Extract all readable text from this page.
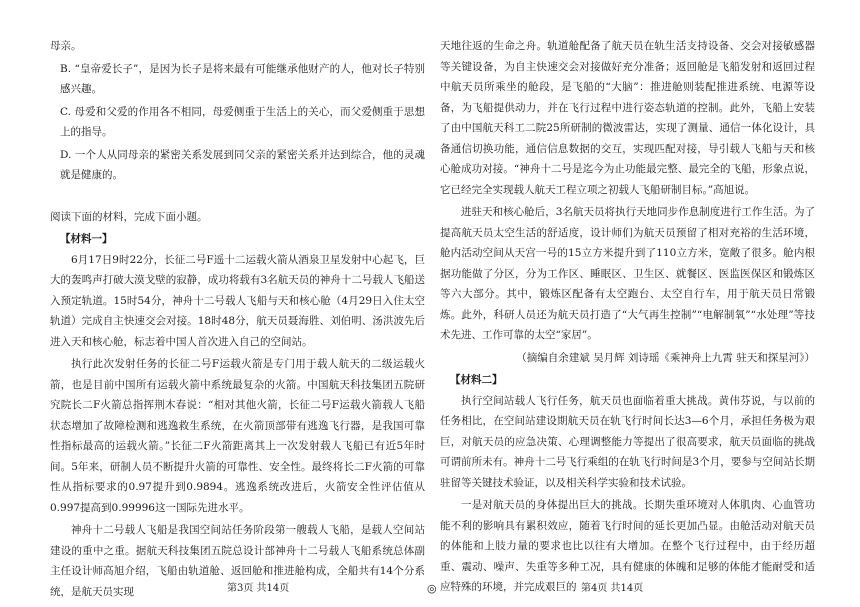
母亲。

B. “皇帝爱长子”，是因为长子是将来最有可能继承他财产的人，他对长子特别感兴趣。

C. 母爱和父爱的作用各不相同，母爱侧重于生活上的关心，而父爱侧重于思想上的指导。

D. 一个人从同母亲的紧密关系发展到同父亲的紧密关系并达到综合，他的灵魂就是健康的。

阅读下面的材料，完成下面小题。

【材料一】

6月17日9时22分，长征二号F遥十二运载火箭从酒泉卫星发射中心起飞，巨大的轰鸣声打破大漠戈壁的寂静，成功将载有3名航天员的神舟十二号载人飞船送入预定轨道。15时54分，神舟十二号载人飞船与天和核心舱（4月29日入住太空轨道）完成自主快速交会对接。18时48分，航天员聂海胜、刘伯明、汤洪波先后进入天和核心舱，标志着中国人首次进入自己的空间站。

执行此次发射任务的长征二号F运载火箭是专门用于载人航天的二级运载火箭，也是目前中国所有运载火箭中系统最复杂的火箭。中国航天科技集团五院研究院长二F火箭总指挥荆木春说：“相对其他火箭，长征二号F运载火箭载人飞船状态增加了故障检测和逃逸救生系统，在火箭顶部带有逃逸飞行器，是我国可靠性指标最高的运载火箭。”长征二F火箭距离其上一次发射载人飞船已有近5年时间。5年来，研制人员不断提升火箭的可靠性、安全性。最终将长二F火箭的可靠性从指标要求的0.97提升到0.9894。逃逸系统改进后，火箭安全性评估值从0.997提高到0.99996这一国际先进水平。

神舟十二号载人飞船是我国空间站任务阶段第一艘载人飞船，是载人空间站建设的重中之重。据航天科技集团五院总设计部神舟十二号载人飞船系统总体副主任设计师高旭介绍，飞船由轨道舱、返回舱和推进舱构成，全船共有14个分系统，是航天员实现

天地往返的生命之舟。轨道舱配备了航天员在轨生活支持设备、交会对接敏感器等关键设备，为自主快速交会对接做好充分准备；返回舱是飞船发射和返回过程中航天员所乘坐的舱段，是飞船的“大脑”：推进舱则装配推进系统、电源等设备，为飞船提供动力，并在飞行过程中进行姿态轨道的控制。此外，飞船上安装了由中国航天科工二院25所研制的微波雷达，实现了测量、通信一体化设计，具备通信切换功能，通信信息数据的交互，实现匹配对接，导引载人飞船与天和核心舱成功对接。“神舟十二号是迄今为止功能最完整、最完全的飞船，形象点说，它已经完全实现载人航天工程立项之初载人飞船研制目标。”高旭说。

进驻天和核心舱后，3名航天员将执行天地同步作息制度进行工作生活。为了提高航天员太空生活的舒适度，设计师们为航天员预留了相对充裕的生活环境，舱内活动空间从天宫一号的15立方米提升到了110立方米，宽敞了很多。舱内根据功能做了分区，分为工作区、睡眠区、卫生区、就餐区、医监医保区和锻炼区等六大部分。其中，锻炼区配备有太空跑台、太空自行车，用于航天员日常锻炼。此外，科研人员还为航天员打造了“大气再生控制”“电解制氧”“水处理”等技术先进、工作可靠的太空“家居”。

（摘编自余建斌 吴月辉 刘诗瑶《乘神舟上九霄 驻天和探星河》）

【材料二】

执行空间站载人飞行任务，航天员也面临着重大挑战。黄伟芬说，与以前的任务相比，在空间站建设期航天员在轨飞行时间长达3—6个月，承担任务极为艰巨，对航天员的应急决策、心理调整能力等提出了很高要求，航天员面临的挑战可谓前所未有。神舟十二号飞行乘组的在轨飞行时间是3个月，要参与空间站长期驻留等关键技术验证，以及相关科学实验和技术试验。

一是对航天员的身体提出巨大的挑战。长期失重环境对人体肌肉、心血管功能不利的影响具有累积效应，随着飞行时间的延长更加凸显。由舱活动对航天员的体能和上肢力量的要求也比以往有大增加。在整个飞行过程中，由于经历超重、震动、噪声、失重等多种工况，具有健康的体魄和足够的体能才能耐受和适应特殊的环境，并完成艰巨的

第3页 共14页	◎	第4页 共14页
